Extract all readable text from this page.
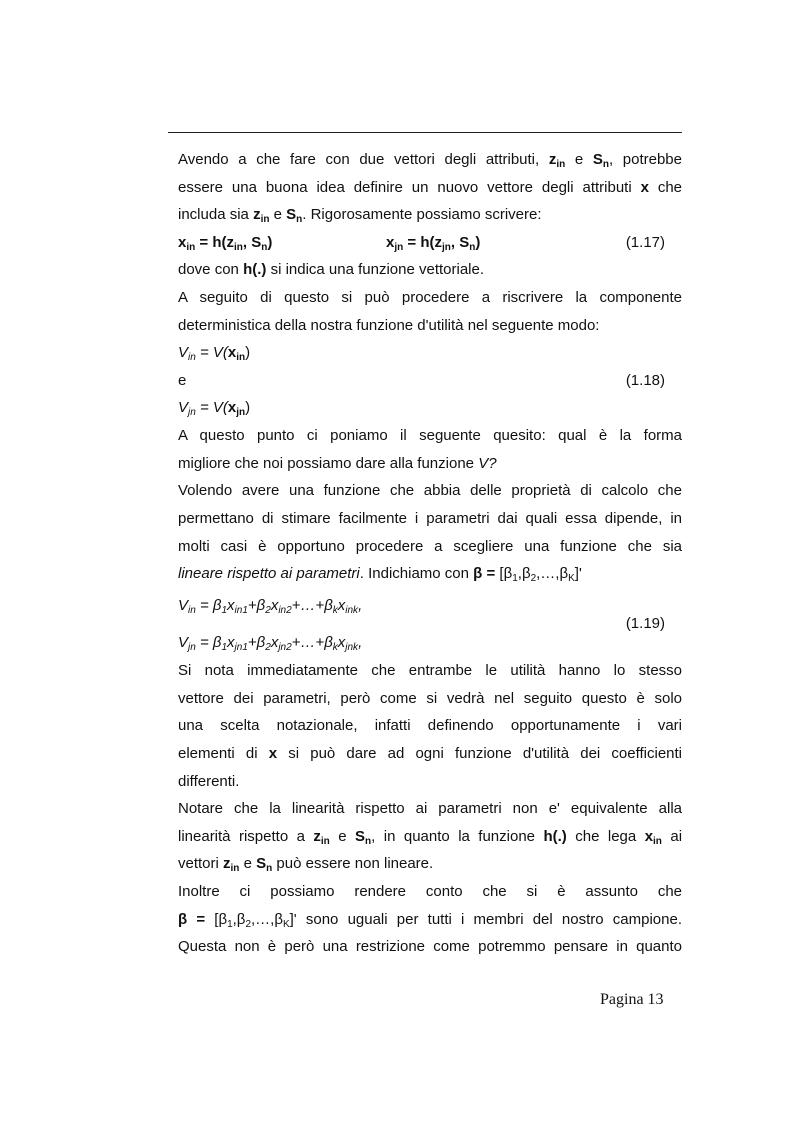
Avendo a che fare con due vettori degli attributi, $z_{in}$ e $S_n$, potrebbe
essere una buona idea definire un nuovo vettore degli attributi x che
includa sia $z_{in}$ e $S_n$. Rigorosamente possiamo scrivere:
$x_{in} = h(z_{in}$, $S_n$)	$x_{jn} = h(z_{jn}$, $S_n$)	(1.17)
dove con h(.) si indica una funzione vettoriale.
A seguito di questo si può procedere a riscrivere la componente
deterministica della nostra funzione d'utilità nel seguente modo:
$V_{in} = V(x_{in})$
e	(1.18)
$V_{jn} = V(x_{jn})$
A questo punto ci poniamo il seguente quesito: qual è la forma
migliore che noi possiamo dare alla funzione V?
Volendo avere una funzione che abbia delle proprietà di calcolo che
permettano di stimare facilmente i parametri dai quali essa dipende, in
molti casi è opportuno procedere a scegliere una funzione che sia
lineare rispetto ai parametri. Indichiamo con $\beta = [\beta_1,\beta_2,\dots,\beta_K]'$
$V_{in}$ = $\beta_1x_{in1}+\beta_2x_{in2}+\dots+\beta_kx_{ink}$,
(1.19)
$V_{jn}$ = $\beta_1x_{jn1}+\beta_2x_{jn2}+\dots+\beta_kx_{jnk}$,
Si nota immediatamente che entrambe le utilità hanno lo stesso
vettore dei parametri, però come si vedrà nel seguito questo è solo
una scelta notazionale, infatti definendo opportunamente i vari
elementi di x si può dare ad ogni funzione d'utilità dei coefficienti
differenti.
Notare che la linearità rispetto ai parametri non e' equivalente alla
linearità rispetto a $z_{in}$ e $S_n$, in quanto la funzione h(.) che lega $x_{in}$ ai
vettori $z_{in}$ e $S_n$ può essere non lineare.
Inoltre ci possiamo rendere conto che si è assunto che
$\beta = [\beta_1,\beta_2,\dots,\beta_K]'$ sono uguali per tutti i membri del nostro campione.
Questa non è però una restrizione come potremmo pensare in quanto
Pagina 13
